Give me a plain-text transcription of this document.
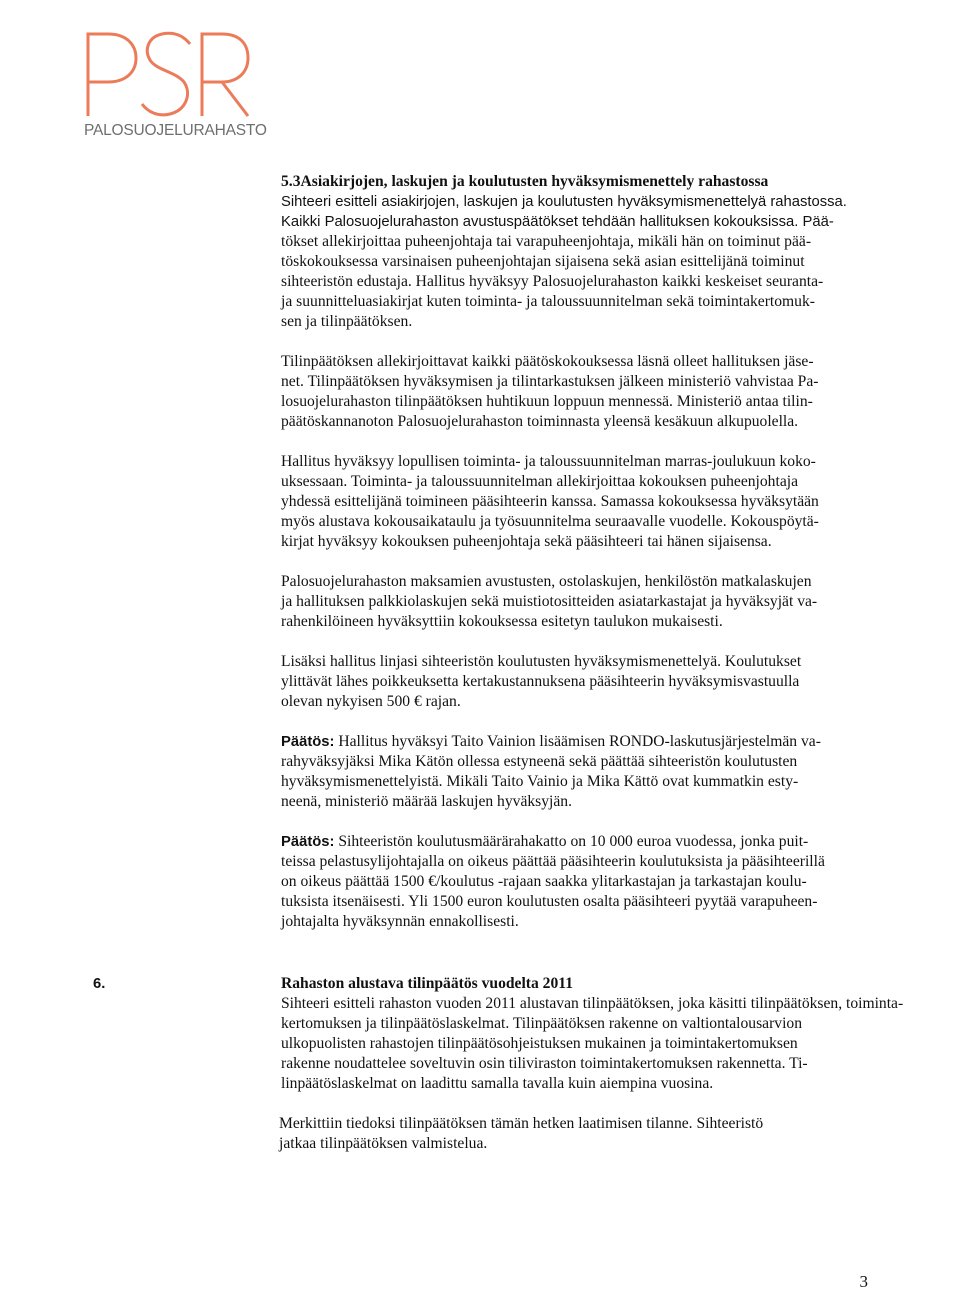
PALOSUOJELURAHASTO

5.3Asiakirjojen, laskujen ja koulutusten hyväksymismenettely rahastossa
Sihteeri esitteli asiakirjojen, laskujen ja koulutusten hyväksymismenettelyä rahastossa.
Kaikki Palosuojelurahaston avustuspäätökset tehdään hallituksen kokouksissa. Pää-
tökset allekirjoittaa puheenjohtaja tai varapuheenjohtaja, mikäli hän on toiminut pää-
töskokouksessa varsinaisen puheenjohtajan sijaisena sekä asian esittelijänä toiminut
sihteeristön edustaja. Hallitus hyväksyy Palosuojelurahaston kaikki keskeiset seuranta-
ja suunnitteluasiakirjat kuten toiminta- ja taloussuunnitelman sekä toimintakertomuk-
sen ja tilinpäätöksen.

Tilinpäätöksen allekirjoittavat kaikki päätöskokouksessa läsnä olleet hallituksen jäse-
net. Tilinpäätöksen hyväksymisen ja tilintarkastuksen jälkeen ministeriö vahvistaa Pa-
losuojelurahaston tilinpäätöksen huhtikuun loppuun mennessä. Ministeriö antaa tilin-
päätöskannanoton Palosuojelurahaston toiminnasta yleensä kesäkuun alkupuolella.

Hallitus hyväksyy lopullisen toiminta- ja taloussuunnitelman marras-joulukuun koko-
uksessaan. Toiminta- ja taloussuunnitelman allekirjoittaa kokouksen puheenjohtaja
yhdessä esittelijänä toimineen pääsihteerin kanssa. Samassa kokouksessa hyväksytään
myös alustava kokousaikataulu ja työsuunnitelma seuraavalle vuodelle. Kokouspöytä-
kirjat hyväksyy kokouksen puheenjohtaja sekä pääsihteeri tai hänen sijaisensa.

Palosuojelurahaston maksamien avustusten, ostolaskujen, henkilöstön matkalaskujen
ja hallituksen palkkiolaskujen sekä muistiotositteiden asiatarkastajat ja hyväksyjät va-
rahenkilöineen hyväksyttiin kokouksessa esitetyn taulukon mukaisesti.

Lisäksi hallitus linjasi sihteeristön koulutusten hyväksymismenettelyä. Koulutukset
ylittävät lähes poikkeuksetta kertakustannuksena pääsihteerin hyväksymisvastuulla
olevan nykyisen 500 € rajan.

Päätös: Hallitus hyväksyi Taito Vainion lisäämisen RONDO-laskutusjärjestelmän va-
rahyväksyjäksi Mika Kätön ollessa estyneenä sekä päättää sihteeristön koulutusten
hyväksymismenettelyistä. Mikäli Taito Vainio ja Mika Kättö ovat kummatkin esty-
neenä, ministeriö määrää laskujen hyväksyjän.

Päätös: Sihteeristön koulutusmäärärahakatto on 10 000 euroa vuodessa, jonka puit-
teissa pelastusylijohtajalla on oikeus päättää pääsihteerin koulutuksista ja pääsihteerillä
on oikeus päättää 1500 €/koulutus -rajaan saakka ylitarkastajan ja tarkastajan koulu-
tuksista itsenäisesti. Yli 1500 euron koulutusten osalta pääsihteeri pyytää varapuheen-
johtajalta hyväksynnän ennakollisesti.

6.	Rahaston alustava tilinpäätös vuodelta 2011
Sihteeri esitteli rahaston vuoden 2011 alustavan tilinpäätöksen, joka käsitti tilinpäätöksen, toiminta-
kertomuksen ja tilinpäätöslaskelmat. Tilinpäätöksen rakenne on valtiontalousarvion
ulkopuolisten rahastojen tilinpäätösohjeistuksen mukainen ja toimintakertomuksen
rakenne noudattelee soveltuvin osin tiliviraston toimintakertomuksen rakennetta. Ti-
linpäätöslaskelmat on laadittu samalla tavalla kuin aiempina vuosina.
Merkittiin tiedoksi tilinpäätöksen tämän hetken laatimisen tilanne. Sihteeristö
jatkaa tilinpäätöksen valmistelua.
3
